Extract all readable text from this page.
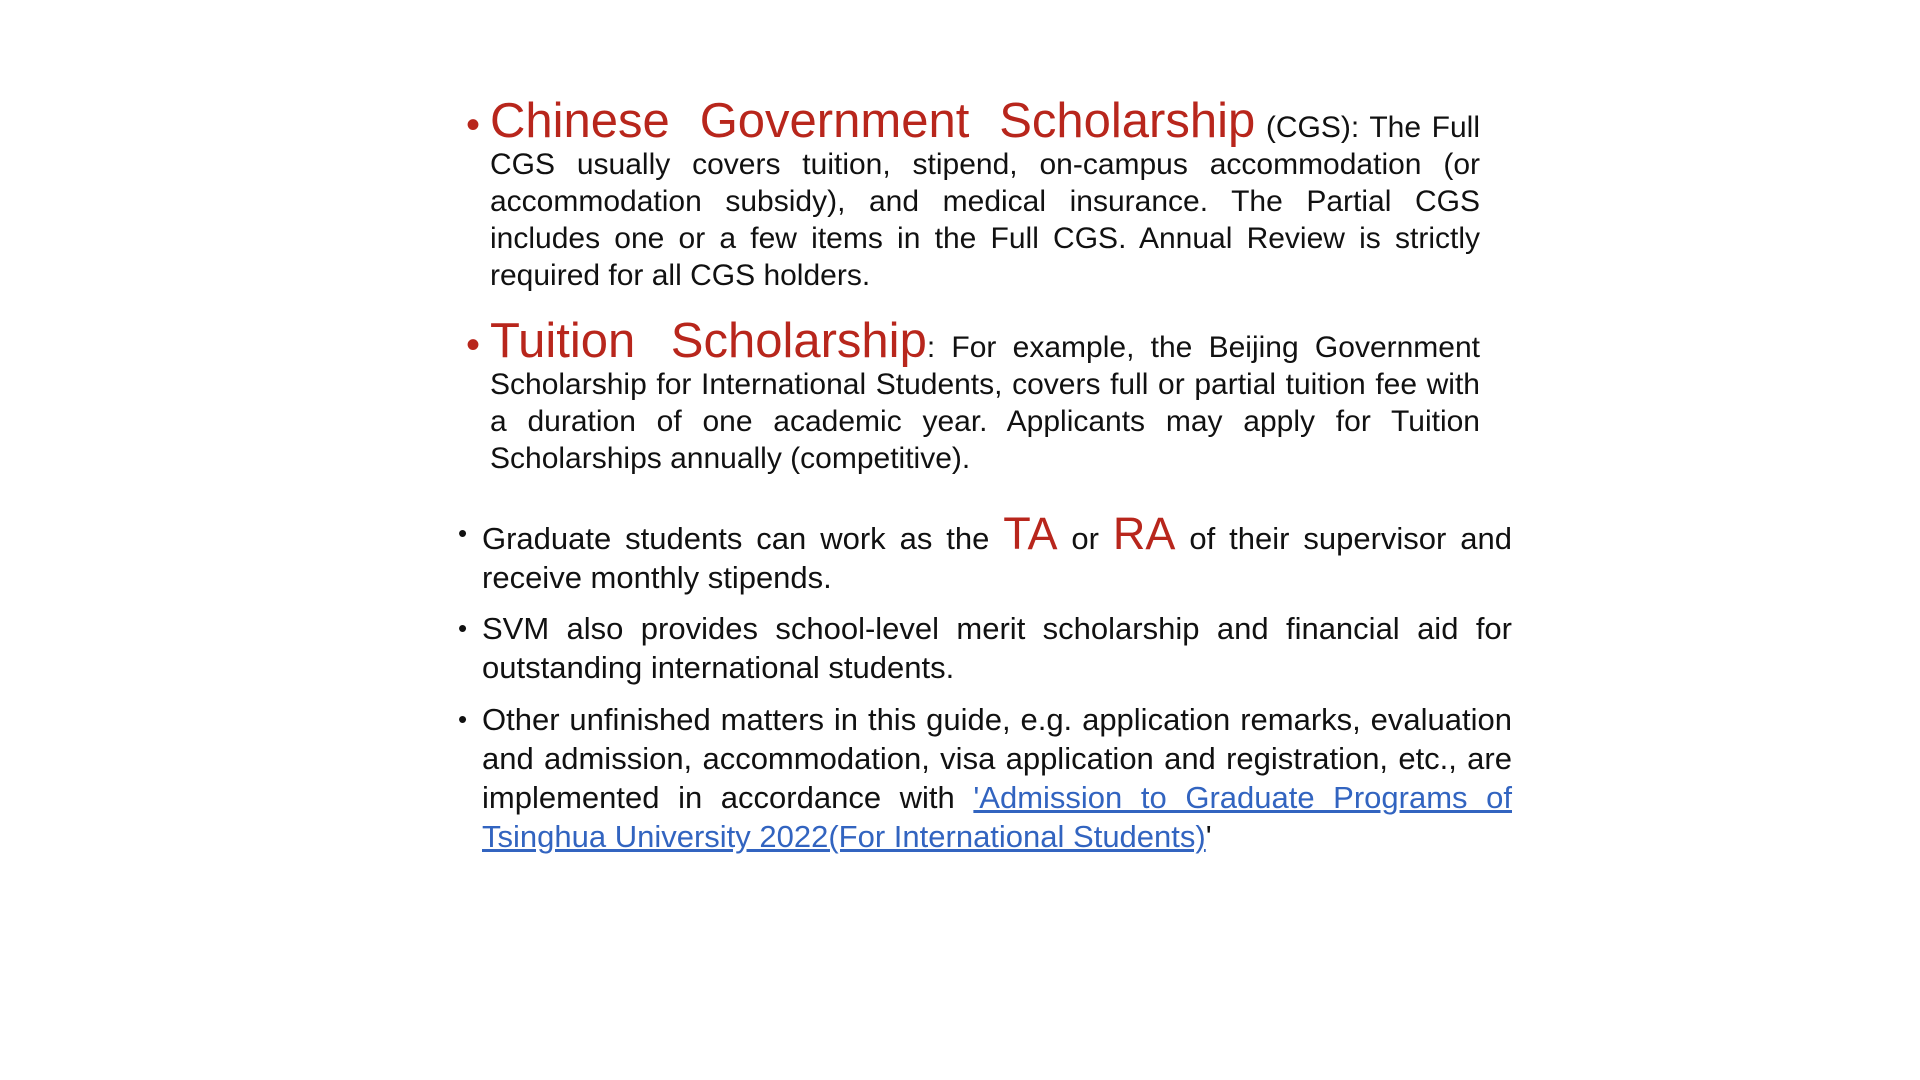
• Chinese Government Scholarship (CGS): The Full CGS usually covers tuition, stipend, on-campus accommodation (or accommodation subsidy), and medical insurance. The Partial CGS includes one or a few items in the Full CGS. Annual Review is strictly required for all CGS holders.
• Tuition Scholarship: For example, the Beijing Government Scholarship for International Students, covers full or partial tuition fee with a duration of one academic year. Applicants may apply for Tuition Scholarships annually (competitive).
• Graduate students can work as the TA or RA of their supervisor and receive monthly stipends.
• SVM also provides school-level merit scholarship and financial aid for outstanding international students.
• Other unfinished matters in this guide, e.g. application remarks, evaluation and admission, accommodation, visa application and registration, etc., are implemented in accordance with 'Admission to Graduate Programs of Tsinghua University 2022(For International Students)'
